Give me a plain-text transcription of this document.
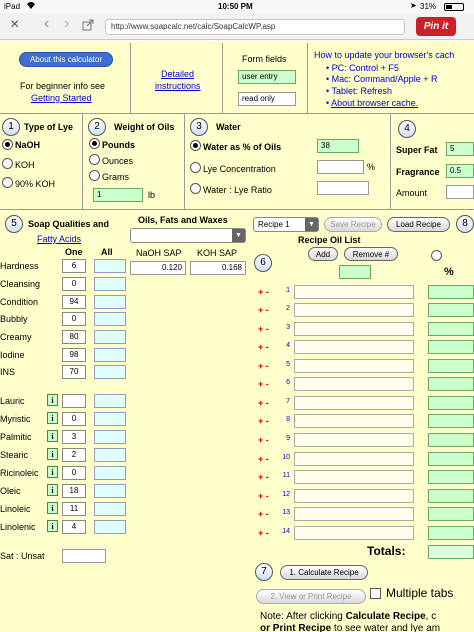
iPad	10:50 PM	➤ 31%
× ‹ ›	http://www.soapcalc.net/calc/SoapCalcWP.asp	Pin it
About this calculator
For beginner info see
Getting Started
Detailed
instructions
Form fields
user entry
read only
How to update your browser's cach
• PC: Control + F5
• Mac: Command/Apple + R
• Tablet: Refresh
• About browser cache.
1	Type of Lye
NaOH
KOH
90% KOH
2	Weight of Oils
Pounds
Ounces
Grams
1	lb
3	Water
Water as % of Oils	38
Lye Concentration	%
Water : Lye Ratio
4
Super Fat	5
Fragrance	0.5
Amount
5	Soap Qualities and
Fatty Acids
One All
Hardness	6
Cleansing	0
Condition	94
Bubbly	0
Creamy	80
Iodine	98
INS	70
Lauric	i
Myristic	i	0
Palmitic	i	3
Stearic	i	2
Ricinoleic	i	0
Oleic	i	18
Linoleic	i	11
Linolenic	i	4
Sat : Unsat
Oils, Fats and Waxes
▼
NaOH SAP KOH SAP
0.120	0.168
Recipe 1	▼	Save Recipe	Load Recipe	8
Recipe Oil List
Add	Remove #
%
6
+ -	1
+ -	2
+ -	3
+ -	4
+ -	5
+ -	6
+ -	7
+ -	8
+ -	9
+ -	10
+ -	11
+ -	12
+ -	13
+ -	14
Totals:
7	1. Calculate Recipe
2. View or Print Recipe	Multiple tabs
Note: After clicking Calculate Recipe, c
or Print Recipe to see water and lye am
